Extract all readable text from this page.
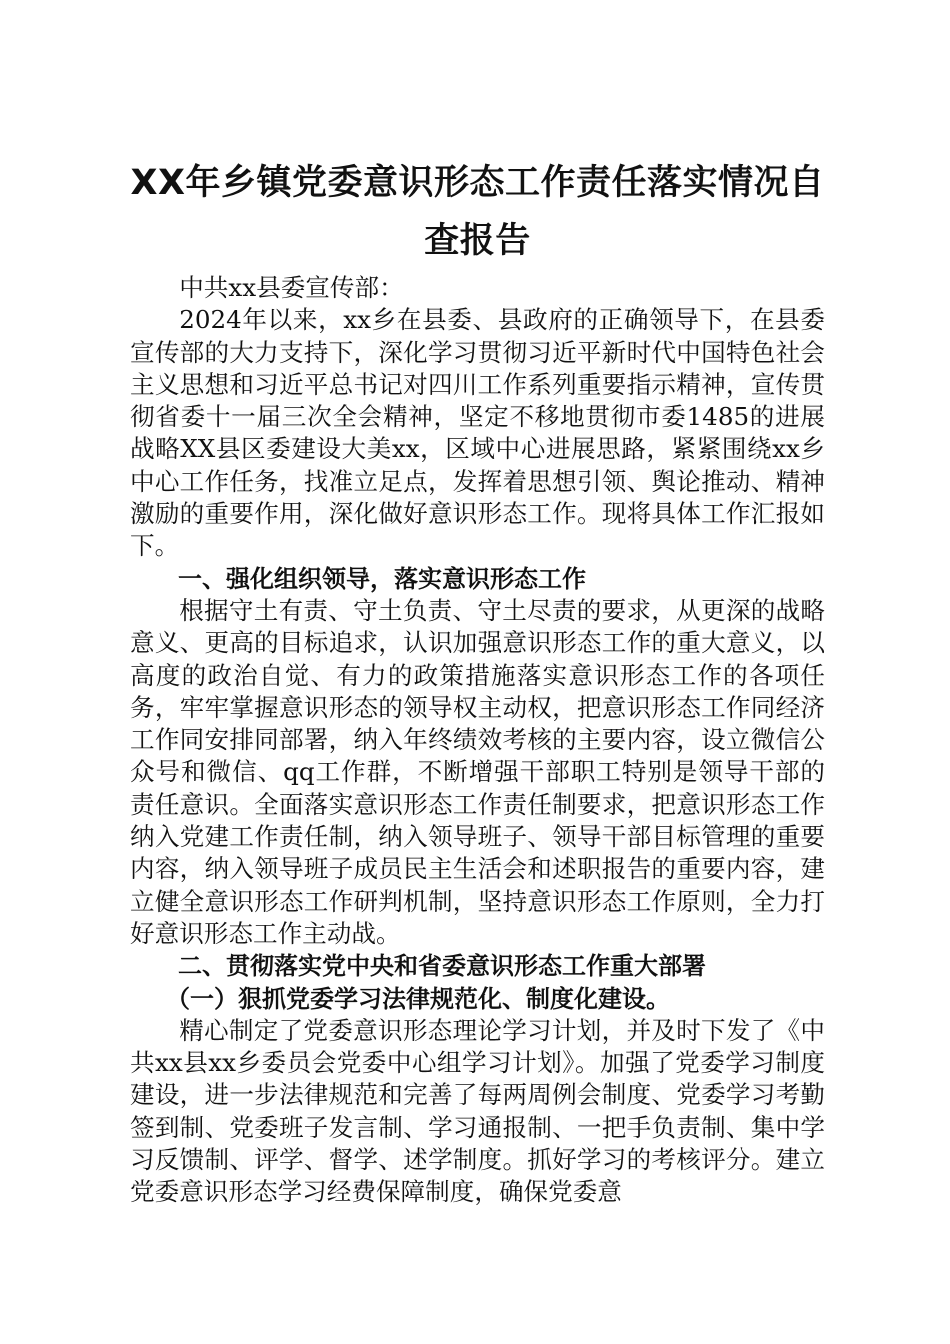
XX年乡镇党委意识形态工作责任落实情况自
查报告

中共xx县委宣传部：

2024年以来，xx乡在县委、县政府的正确领导下，在县委宣传部的大力支持下，深化学习贯彻习近平新时代中国特色社会主义思想和习近平总书记对四川工作系列重要指示精神，宣传贯彻省委十一届三次全会精神，坚定不移地贯彻市委1485的进展战略XX县区委建设大美xx，区域中心进展思路，紧紧围绕xx乡中心工作任务，找准立足点，发挥着思想引领、舆论推动、精神激励的重要作用，深化做好意识形态工作。现将具体工作汇报如下。

一、强化组织领导，落实意识形态工作

根据守土有责、守土负责、守土尽责的要求，从更深的战略意义、更高的目标追求，认识加强意识形态工作的重大意义，以高度的政治自觉、有力的政策措施落实意识形态工作的各项任务，牢牢掌握意识形态的领导权主动权，把意识形态工作同经济工作同安排同部署，纳入年终绩效考核的主要内容，设立微信公众号和微信、qq工作群，不断增强干部职工特别是领导干部的责任意识。全面落实意识形态工作责任制要求，把意识形态工作纳入党建工作责任制，纳入领导班子、领导干部目标管理的重要内容，纳入领导班子成员民主生活会和述职报告的重要内容，建立健全意识形态工作研判机制，坚持意识形态工作原则，全力打好意识形态工作主动战。

二、贯彻落实党中央和省委意识形态工作重大部署

（一）狠抓党委学习法律规范化、制度化建设。

精心制定了党委意识形态理论学习计划，并及时下发了《中共xx县xx乡委员会党委中心组学习计划》。加强了党委学习制度建设，进一步法律规范和完善了每两周例会制度、党委学习考勤签到制、党委班子发言制、学习通报制、一把手负责制、集中学习反馈制、评学、督学、述学制度。抓好学习的考核评分。建立党委意识形态学习经费保障制度，确保党委意
